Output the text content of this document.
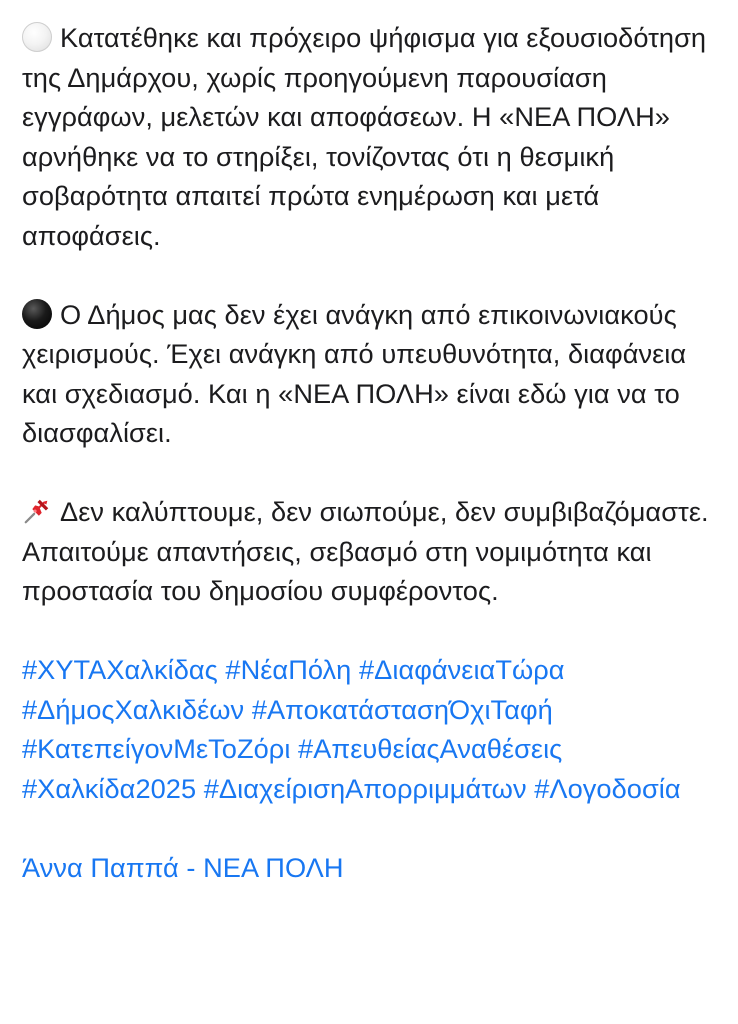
Κατατέθηκε και πρόχειρο ψήφισμα για εξουσιοδότηση της Δημάρχου, χωρίς προηγούμενη παρουσίαση εγγράφων, μελετών και αποφάσεων. Η «ΝΕΑ ΠΟΛΗ» αρνήθηκε να το στηρίξει, τονίζοντας ότι η θεσμική σοβαρότητα απαιτεί πρώτα ενημέρωση και μετά αποφάσεις.

Ο Δήμος μας δεν έχει ανάγκη από επικοινωνιακούς χειρισμούς. Έχει ανάγκη από υπευθυνότητα, διαφάνεια και σχεδιασμό. Και η «ΝΕΑ ΠΟΛΗ» είναι εδώ για να το διασφαλίσει.

Δεν καλύπτουμε, δεν σιωπούμε, δεν συμβιβαζόμαστε. Απαιτούμε απαντήσεις, σεβασμό στη νομιμότητα και προστασία του δημοσίου συμφέροντος.

#ΧΥΤΑΧαλκίδας #ΝέαΠόλη #ΔιαφάνειαΤώρα #ΔήμοςΧαλκιδέων #ΑποκατάστασηΌχιΤαφή #ΚατεπείγονΜεΤοΖόρι #ΑπευθείαςΑναθέσεις #Χαλκίδα2025 #ΔιαχείρισηΑπορριμμάτων #Λογοδοσία

Άννα Παππά - ΝΕΑ ΠΟΛΗ
